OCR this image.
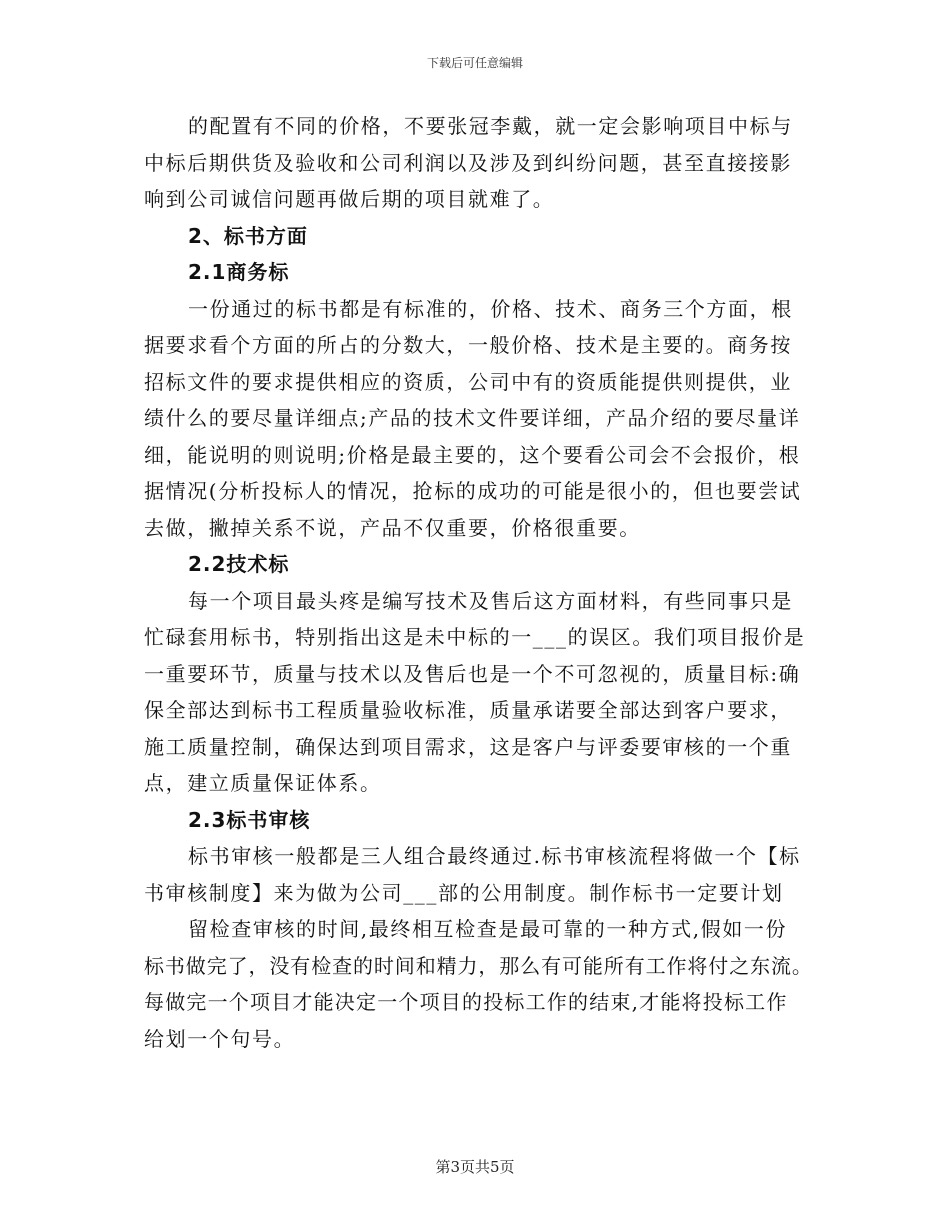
下载后可任意编辑
的配置有不同的价格，不要张冠李戴，就一定会影响项目中标与
中标后期供货及验收和公司利润以及涉及到纠纷问题，甚至直接接影
响到公司诚信问题再做后期的项目就难了。
2、标书方面
2.1商务标
一份通过的标书都是有标准的，价格、技术、商务三个方面，根
据要求看个方面的所占的分数大，一般价格、技术是主要的。商务按
招标文件的要求提供相应的资质，公司中有的资质能提供则提供，业
绩什么的要尽量详细点;产品的技术文件要详细，产品介绍的要尽量详
细，能说明的则说明;价格是最主要的，这个要看公司会不会报价，根
据情况(分析投标人的情况，抢标的成功的可能是很小的，但也要尝试
去做，撇掉关系不说，产品不仅重要，价格很重要。
2.2技术标
每一个项目最头疼是编写技术及售后这方面材料，有些同事只是
忙碌套用标书，特别指出这是未中标的一___的误区。我们项目报价是
一重要环节，质量与技术以及售后也是一个不可忽视的，质量目标:确
保全部达到标书工程质量验收标准，质量承诺要全部达到客户要求，
施工质量控制，确保达到项目需求，这是客户与评委要审核的一个重
点，建立质量保证体系。
2.3标书审核
标书审核一般都是三人组合最终通过.标书审核流程将做一个【标
书审核制度】来为做为公司___部的公用制度。制作标书一定要计划
留检查审核的时间,最终相互检查是最可靠的一种方式,假如一份
标书做完了，没有检查的时间和精力，那么有可能所有工作将付之东流。
每做完一个项目才能决定一个项目的投标工作的结束,才能将投标工作
给划一个句号。
第3页共5页
